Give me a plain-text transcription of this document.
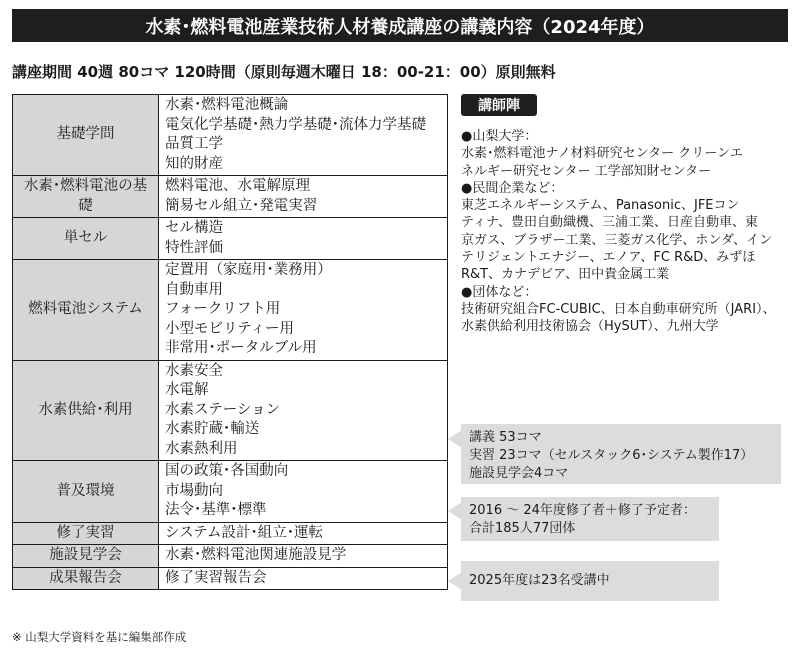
水素･燃料電池産業技術人材養成講座の講義内容（2024年度）
講座期間 40週 80コマ 120時間（原則毎週木曜日 18：00-21：00）原則無料
基礎学問	水素･燃料電池概論
電気化学基礎･熱力学基礎･流体力学基礎
品質工学
知的財産

水素･燃料電池の基礎	燃料電池、水電解原理
簡易セル組立･発電実習

単セル	セル構造
特性評価

燃料電池システム	定置用（家庭用･業務用）
自動車用
フォークリフト用
小型モビリティー用
非常用･ポータルブル用

水素供給･利用	水素安全
水電解
水素ステーション
水素貯蔵･輸送
水素熱利用

普及環境	国の政策･各国動向
市場動向
法令･基準･標準

修了実習	システム設計･組立･運転

施設見学会	水素･燃料電池関連施設見学

成果報告会	修了実習報告会
※ 山梨大学資料を基に編集部作成
講師陣
●山梨大学：
水素･燃料電池ナノ材料研究センター クリーンエ
ネルギー研究センター 工学部知財センター
●民間企業など：
東芝エネルギーシステム、Panasonic、JFEコン
ティナ、豊田自動織機、三浦工業、日産自動車、東
京ガス、ブラザー工業、三菱ガス化学、ホンダ、イン
テリジェントエナジー、エノア、FC R&D、みずほ
R&T、カナデビア、田中貴金属工業
●団体など：
技術研究組合FC-CUBIC、日本自動車研究所（JARI）、
水素供給利用技術協会（HySUT）、九州大学
講義 53コマ
実習 23コマ（セルスタック6･システム製作17）
施設見学会4コマ
2016 ～ 24年度修了者＋修了予定者：
合計185人77団体
2025年度は23名受講中
